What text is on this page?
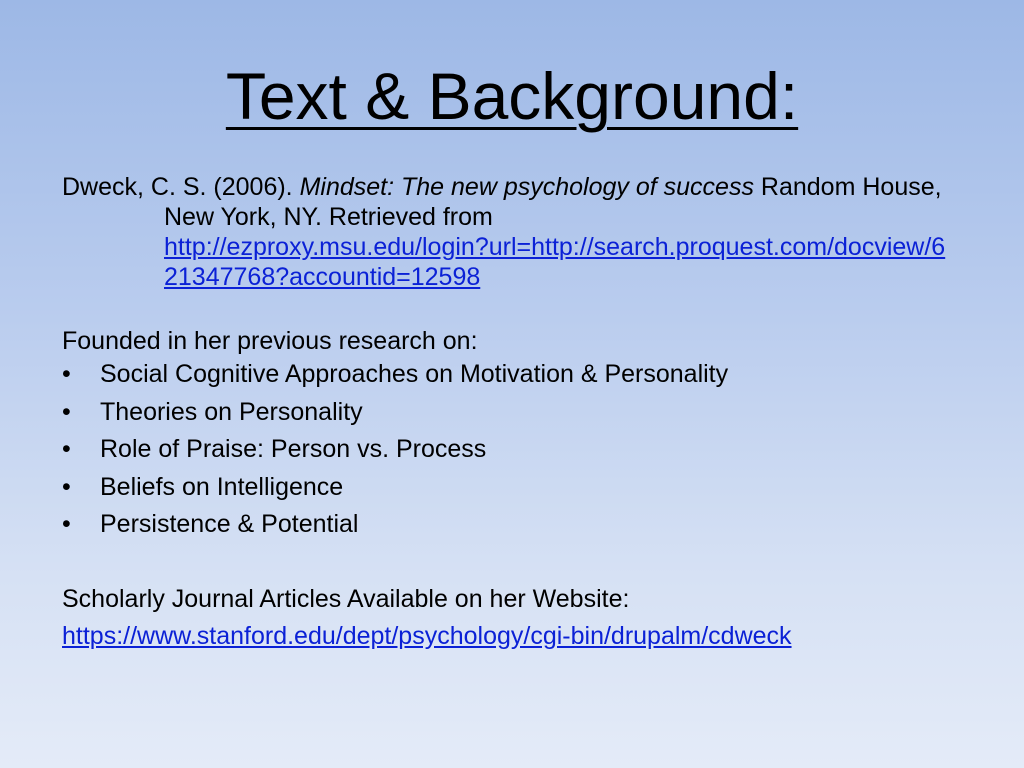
Text & Background:

Dweck, C. S. (2006). Mindset: The new psychology of success Random House, New York, NY. Retrieved from http://ezproxy.msu.edu/login?url=http://search.proquest.com/docview/621347768?accountid=12598

Founded in her previous research on:

•	Social Cognitive Approaches on Motivation & Personality
•	Theories on Personality
•	Role of Praise: Person vs. Process
•	Beliefs on Intelligence
•	Persistence & Potential

Scholarly Journal Articles Available on her Website:

https://www.stanford.edu/dept/psychology/cgi-bin/drupalm/cdweck
